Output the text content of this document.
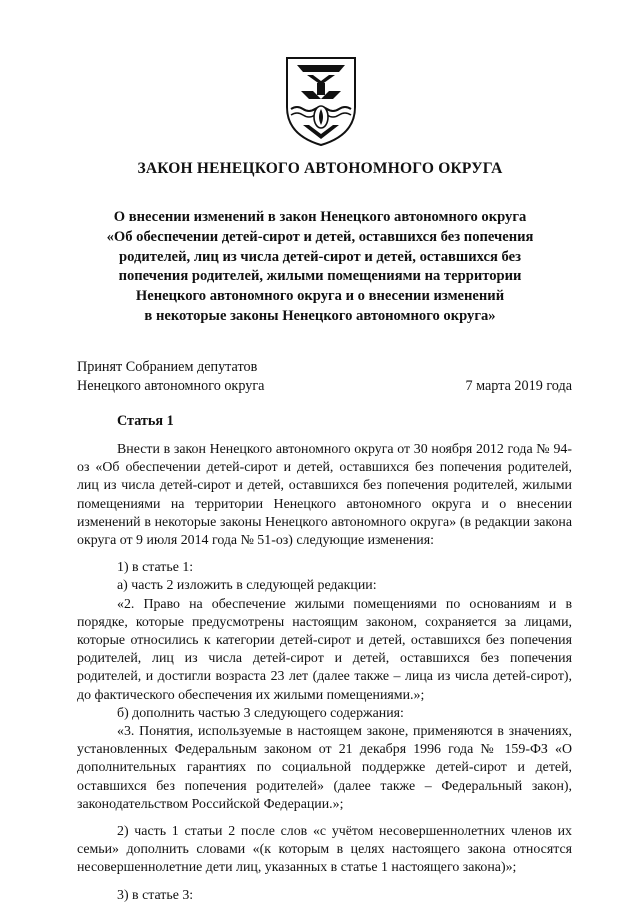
ЗАКОН НЕНЕЦКОГО АВТОНОМНОГО ОКРУГА
О внесении изменений в закон Ненецкого автономного округа
«Об обеспечении детей-сирот и детей, оставшихся без попечения
родителей, лиц из числа детей-сирот и детей, оставшихся без
попечения родителей, жилыми помещениями на территории
Ненецкого автономного округа и о внесении изменений
в некоторые законы Ненецкого автономного округа»
Принят Собранием депутатов
Ненецкого автономного округа	7 марта 2019 года
Статья 1

Внести в закон Ненецкого автономного округа от 30 ноября 2012 года № 94-оз «Об обеспечении детей-сирот и детей, оставшихся без попечения родителей, лиц из числа детей-сирот и детей, оставшихся без попечения родителей, жилыми помещениями на территории Ненецкого автономного округа и о внесении изменений в некоторые законы Ненецкого автономного округа» (в редакции закона округа от 9 июля 2014 года № 51-оз) следующие изменения:

1) в статье 1:

а) часть 2 изложить в следующей редакции:

«2. Право на обеспечение жилыми помещениями по основаниям и в порядке, которые предусмотрены настоящим законом, сохраняется за лицами, которые относились к категории детей-сирот и детей, оставшихся без попечения родителей, лиц из числа детей-сирот и детей, оставшихся без попечения родителей, и достигли возраста 23 лет (далее также – лица из числа детей-сирот), до фактического обеспечения их жилыми помещениями.»;

б) дополнить частью 3 следующего содержания:

«3. Понятия, используемые в настоящем законе, применяются в значениях, установленных Федеральным законом от 21 декабря 1996 года № 159-ФЗ «О дополнительных гарантиях по социальной поддержке детей-сирот и детей, оставшихся без попечения родителей» (далее также – Федеральный закон), законодательством Российской Федерации.»;

2) часть 1 статьи 2 после слов «с учётом несовершеннолетних членов их семьи» дополнить словами «(к которым в целях настоящего закона относятся несовершеннолетние дети лиц, указанных в статье 1 настоящего закона)»;

3) в статье 3:
